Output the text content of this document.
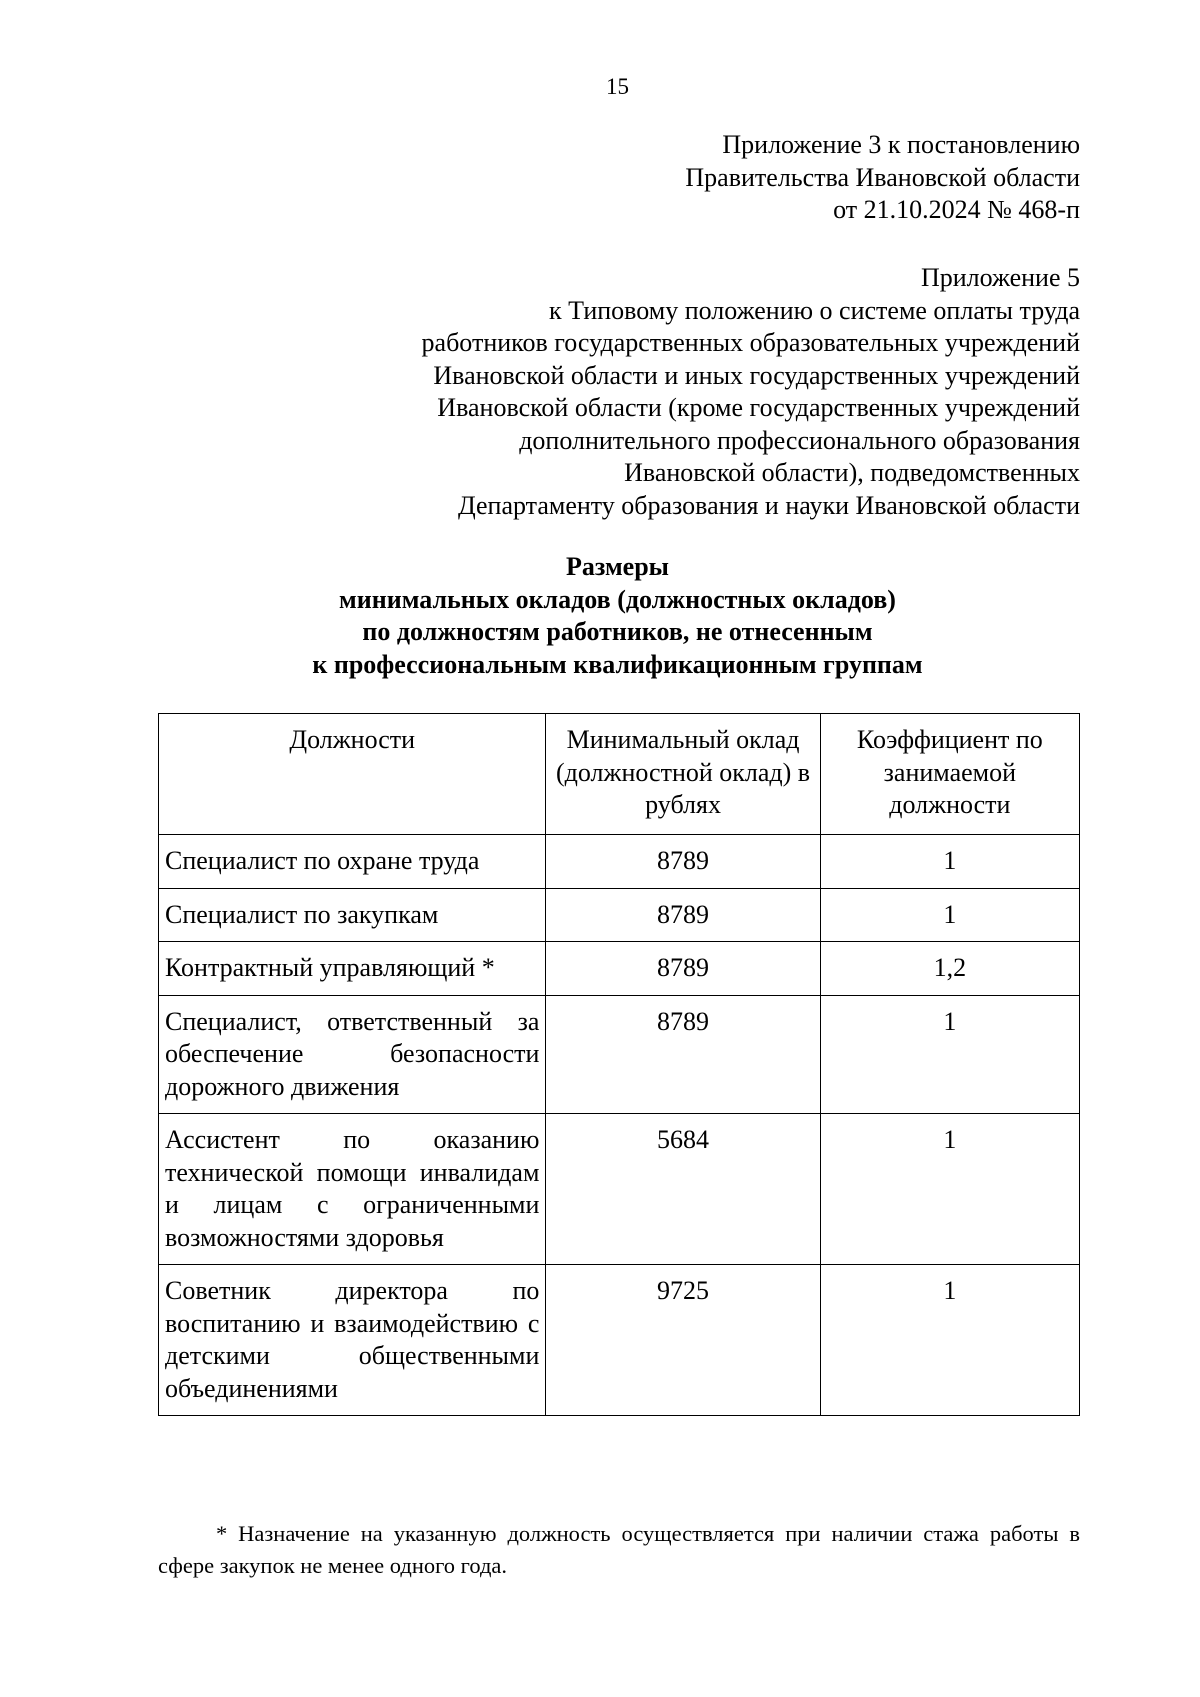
15
Приложение 3 к постановлению
Правительства Ивановской области
от 21.10.2024 № 468-п
Приложение 5
к Типовому положению о системе оплаты труда
работников государственных образовательных учреждений
Ивановской области и иных государственных учреждений
Ивановской области (кроме государственных учреждений
дополнительного профессионального образования
Ивановской области), подведомственных
Департаменту образования и науки Ивановской области
Размеры
минимальных окладов (должностных окладов)
по должностям работников, не отнесенным
к профессиональным квалификационным группам
Должности	Минимальный оклад (должностной оклад) в рублях	Коэффициент по занимаемой должности
Специалист по охране труда	8789	1
Специалист по закупкам	8789	1
Контрактный управляющий *	8789	1,2
Специалист, ответственный за обеспечение безопасности дорожного движения	8789	1
Ассистент по оказанию технической помощи инвалидам и лицам с ограниченными возможностями здоровья	5684	1
Советник директора по воспитанию и взаимодействию с детскими общественными объединениями	9725	1
* Назначение на указанную должность осуществляется при наличии стажа работы в сфере закупок не менее одного года.
